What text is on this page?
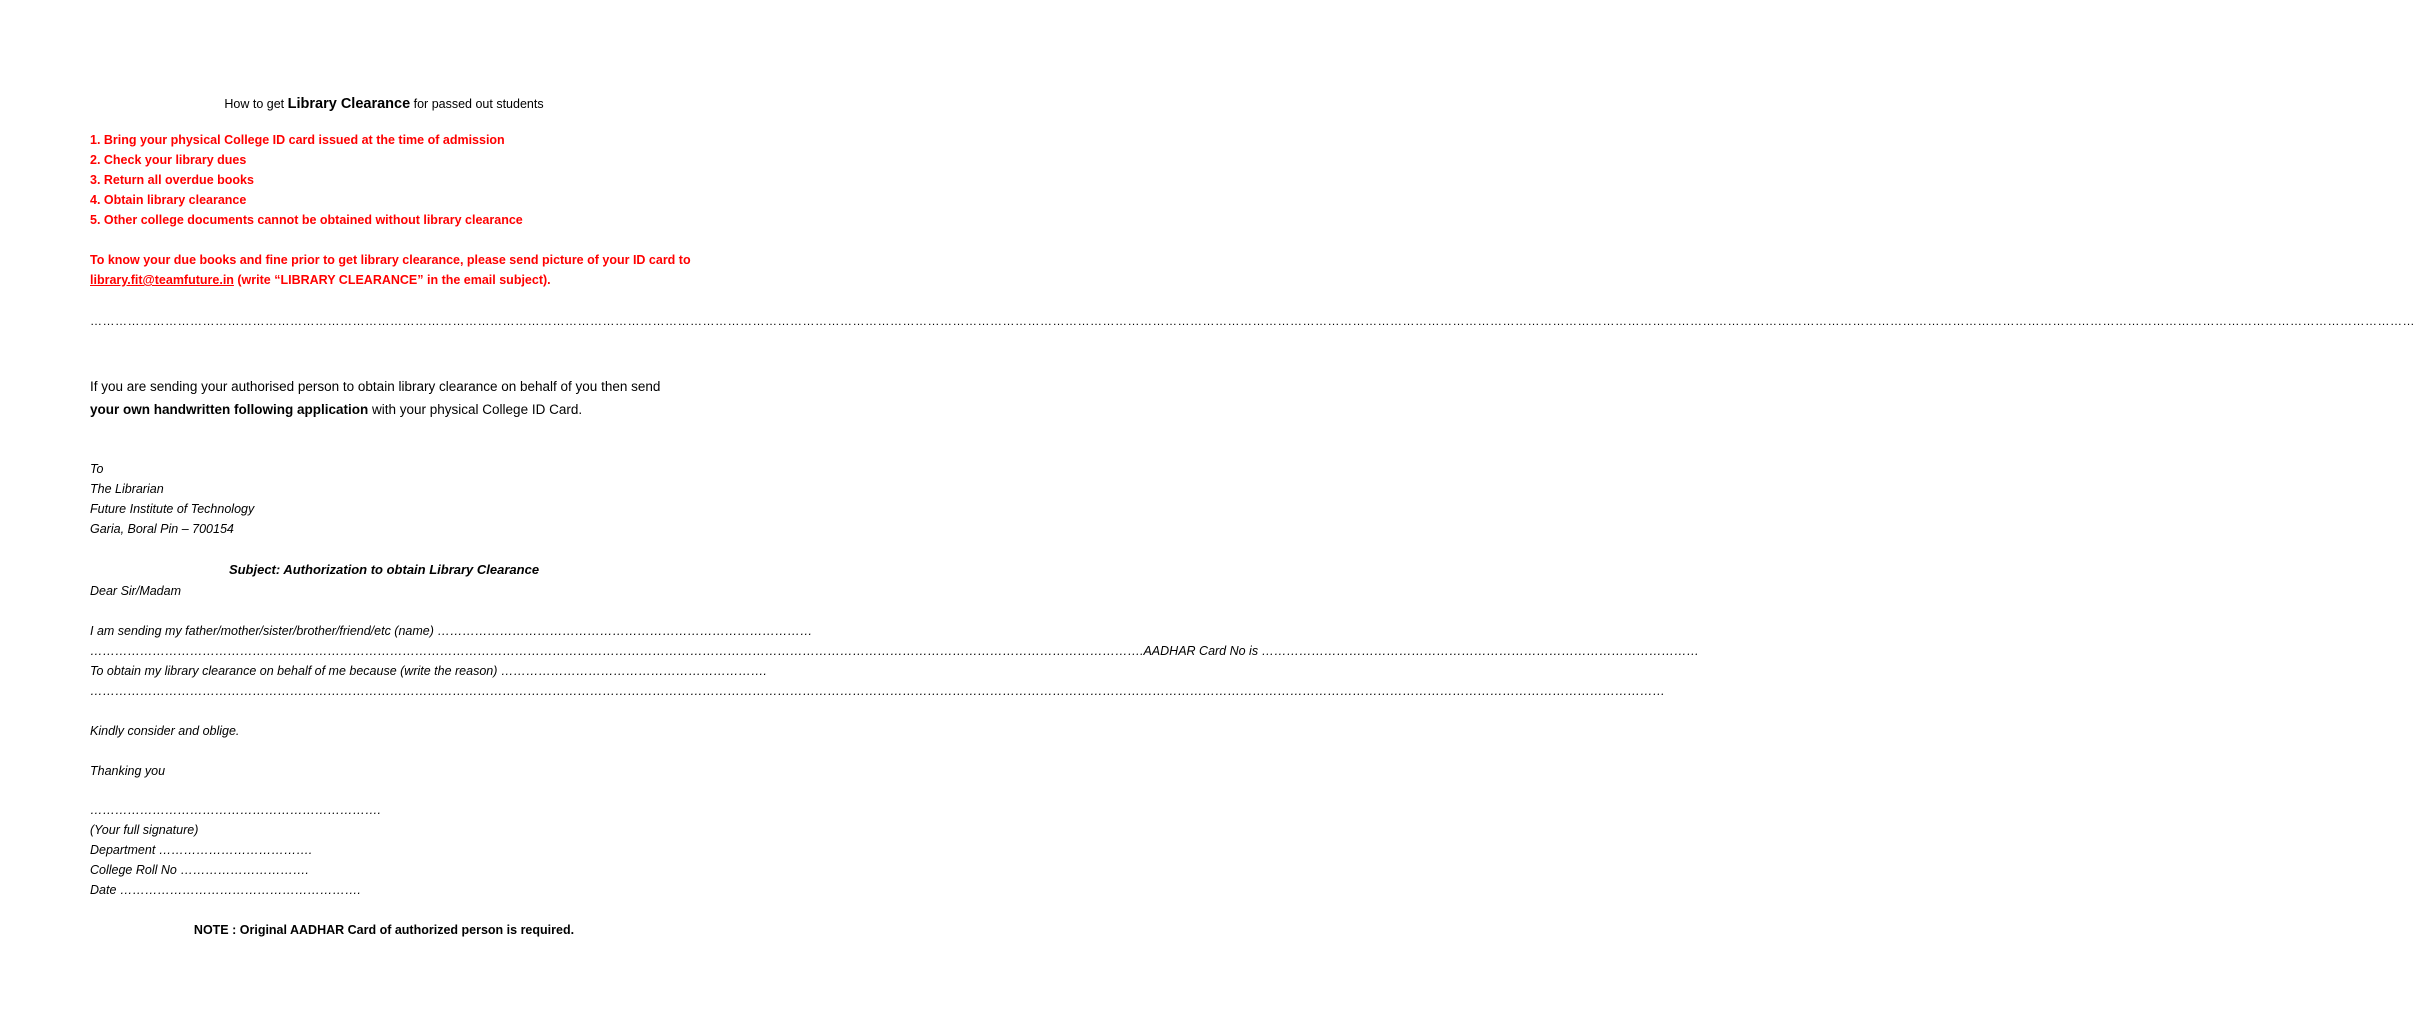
How to get Library Clearance for passed out students
1. Bring your physical College ID card issued at the time of admission
2. Check your library dues
3. Return all overdue books
4. Obtain library clearance
5. Other college documents cannot be obtained without library clearance
To know your due books and fine prior to get library clearance, please send picture of your ID card to
library.fit@teamfuture.in (write “LIBRARY CLEARANCE” in the email subject).
………………………………………………………………………………………………………………………………………………………………………………………………………………………………………………………………………………………………………………………………………………………………………………………………………………………………………………………………………………………………………………
If you are sending your authorised person to obtain library clearance on behalf of you then send
your own handwritten following application with your physical College ID Card.
To
The Librarian
Future Institute of Technology
Garia, Boral Pin – 700154
Subject: Authorization to obtain Library Clearance
Dear Sir/Madam
I am sending my father/mother/sister/brother/friend/etc (name) ………………………………………………………………………………
……………………………………………………………………………………………………………………………………………………………………………………………………………………………….AADHAR Card No is ……………………………………………………………………………………………
To obtain my library clearance on behalf of me because (write the reason) ……………………………………………………….
………………………………………………………………………………………………………………………………………………………………………………………………………………………………………………………………………………………………………………………………………………
Kindly consider and oblige.
Thanking you
…………………………………………………………….
(Your full signature)
Department ……………………………….
College Roll No ………………………….
Date ………………………………………………….
NOTE : Original AADHAR Card of authorized person is required.
